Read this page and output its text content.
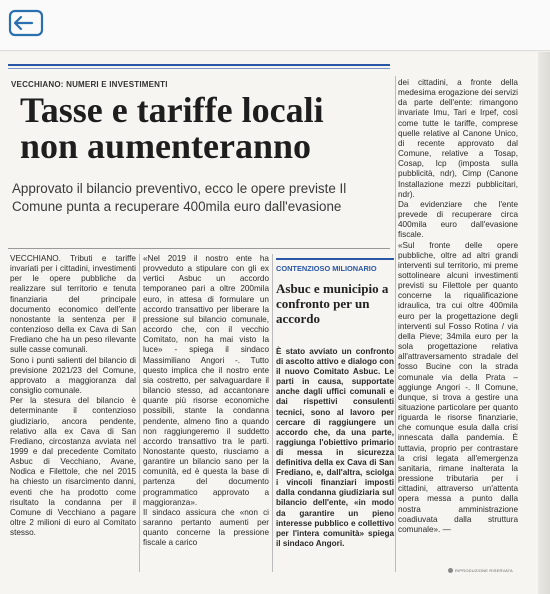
VECCHIANO: NUMERI E INVESTIMENTI
Tasse e tariffe locali non aumenteranno
Approvato il bilancio preventivo, ecco le opere previste Il Comune punta a recuperare 400mila euro dall'evasione
VECCHIANO. Tributi e tariffe invariati per i cittadini, investimenti per le opere pubbliche da realizzare sul territorio e tenuta finanziaria del principale documento economico dell'ente nonostante la sentenza per il contenzioso della ex Cava di San Frediano che ha un peso rilevante sulle casse comunali.
Sono i punti salienti del bilancio di previsione 2021/23 del Comune, approvato a maggioranza dal consiglio comunale.
Per la stesura del bilancio è determinante il contenzioso giudiziario, ancora pendente, relativo alla ex Cava di San Frediano, circostanza avviata nel 1999 e dal precedente Comitato Asbuc di Vecchiano, Avane, Nodica e Filettole, che nel 2015 ha chiesto un risarcimento danni, eventi che ha prodotto come risultato la condanna per il Comune di Vecchiano a pagare oltre 2 milioni di euro al Comitato stesso.
«Nel 2019 il nostro ente ha provveduto a stipulare con gli ex vertici Asbuc un accordo temporaneo pari a oltre 200mila euro, in attesa di formulare un accordo transattivo per liberare la pressione sul bilancio comunale, accordo che, con il vecchio Comitato, non ha mai visto la luce» - spiega il sindaco Massimiliano Angori -. Tutto questo implica che il nostro ente sia costretto, per salvaguardare il bilancio stesso, ad accantonare quante più risorse economiche possibili, stante la condanna pendente, almeno fino a quando non raggiungeremo il suddetto accordo transattivo tra le parti. Nonostante questo, riusciamo a garantire un bilancio sano per la comunità, ed è questa la base di partenza del documento programmatico approvato a maggioranza».
Il sindaco assicura che «non ci saranno pertanto aumenti per quanto concerne la pressione fiscale a carico
CONTENZIOSO MILIONARIO
Asbuc e municipio a confronto per un accordo
È stato avviato un confronto di ascolto attivo e dialogo con il nuovo Comitato Asbuc. Le parti in causa, supportate anche dagli uffici comunali e dai rispettivi consulenti tecnici, sono al lavoro per cercare di raggiungere un accordo che, da una parte, raggiunga l'obiettivo primario di messa in sicurezza definitiva della ex Cava di San Frediano, e, dall'altra, sciolga i vincoli finanziari imposti dalla condanna giudiziaria sul bilancio dell'ente, «in modo da garantire un pieno interesse pubblico e collettivo per l'intera comunità» spiega il sindaco Angori.
dei cittadini, a fronte della medesima erogazione dei servizi da parte dell'ente: rimangono invariate Imu, Tari e Irpef, così come tutte le tariffe, comprese quelle relative al Canone Unico, di recente approvato dal Comune, relative a Tosap, Cosap, Icp (imposta sulla pubblicità, ndr), Cimp (Canone Installazione mezzi pubblicitari, ndr).
Da evidenziare che l'ente prevede di recuperare circa 400mila euro dall'evasione fiscale.
«Sul fronte delle opere pubbliche, oltre ad altri grandi interventi sul territorio, mi preme sottolineare alcuni investimenti previsti su Filettole per quanto concerne la riqualificazione idraulica, tra cui oltre 400mila euro per la progettazione degli interventi sul Fosso Rotina / via della Pieve; 34mila euro per la sola progettazione relativa all'attraversamento stradale del fosso Bucine con la strada comunale via della Prata – aggiunge Angori -. Il Comune, dunque, si trova a gestire una situazione particolare per quanto riguarda le risorse finanziarie, che comunque esula dalla crisi innescata dalla pandemia. È tuttavia, proprio per contrastare la crisi legata all'emergenza sanitaria, rimane inalterata la pressione tributaria per i cittadini, attraverso un'attenta opera messa a punto dalla nostra amministrazione coadiuvata dalla struttura comunale». —
RIPRODUZIONE RISERVATA
